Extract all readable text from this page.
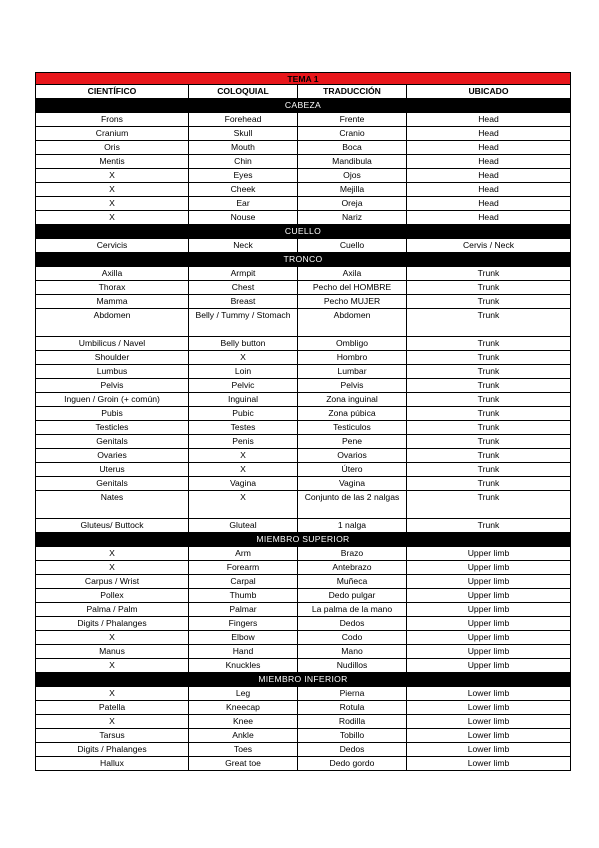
TEMA 1
CIENTÍFICO	COLOQUIAL	TRADUCCIÓN	UBICADO
CABEZA
Frons	Forehead	Frente	Head
Cranium	Skull	Cranio	Head
Oris	Mouth	Boca	Head
Mentis	Chin	Mandibula	Head
X	Eyes	Ojos	Head
X	Cheek	Mejilla	Head
X	Ear	Oreja	Head
X	Nouse	Nariz	Head
CUELLO
Cervicis	Neck	Cuello	Cervis / Neck
TRONCO
Axilla	Armpit	Axila	Trunk
Thorax	Chest	Pecho del HOMBRE	Trunk
Mamma	Breast	Pecho MUJER	Trunk
Abdomen	Belly / Tummy / Stomach	Abdomen	Trunk
Umbilicus / Navel	Belly button	Ombligo	Trunk
Shoulder	X	Hombro	Trunk
Lumbus	Loin	Lumbar	Trunk
Pelvis	Pelvic	Pelvis	Trunk
Inguen / Groin (+ común)	Inguinal	Zona inguinal	Trunk
Pubis	Pubic	Zona púbica	Trunk
Testicles	Testes	Testiculos	Trunk
Genitals	Penis	Pene	Trunk
Ovaries	X	Ovarios	Trunk
Uterus	X	Útero	Trunk
Genitals	Vagina	Vagina	Trunk
Nates	X	Conjunto de las 2 nalgas	Trunk
Gluteus/ Buttock	Gluteal	1 nalga	Trunk
MIEMBRO SUPERIOR
X	Arm	Brazo	Upper limb
X	Forearm	Antebrazo	Upper limb
Carpus / Wrist	Carpal	Muñeca	Upper limb
Pollex	Thumb	Dedo pulgar	Upper limb
Palma / Palm	Palmar	La palma de la mano	Upper limb
Digits / Phalanges	Fingers	Dedos	Upper limb
X	Elbow	Codo	Upper limb
Manus	Hand	Mano	Upper limb
X	Knuckles	Nudillos	Upper limb
MIEMBRO INFERIOR
X	Leg	Pierna	Lower limb
Patella	Kneecap	Rotula	Lower limb
X	Knee	Rodilla	Lower limb
Tarsus	Ankle	Tobillo	Lower limb
Digits / Phalanges	Toes	Dedos	Lower limb
Hallux	Great toe	Dedo gordo	Lower limb
